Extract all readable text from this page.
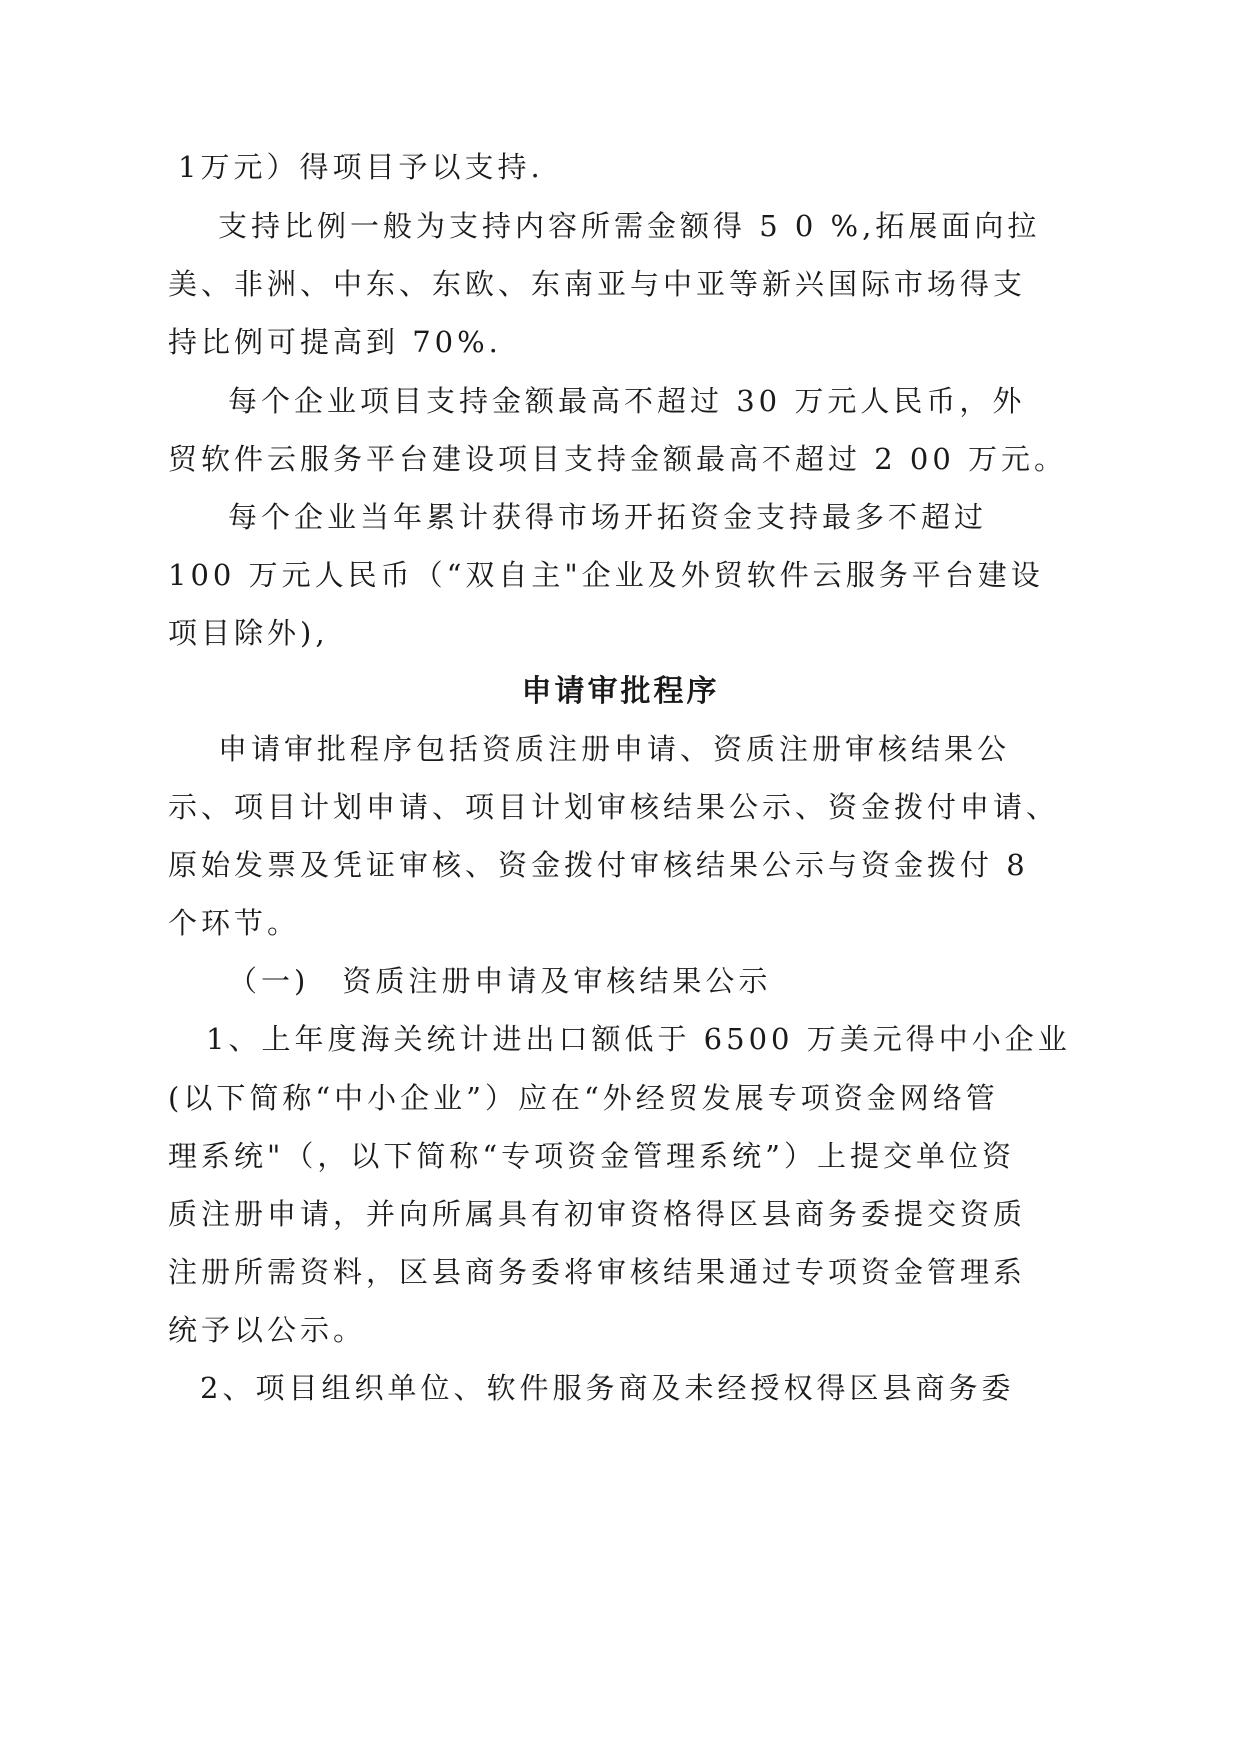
1万元）得项目予以支持.
支持比例一般为支持内容所需金额得 5 0 %,拓展面向拉
美、非洲、中东、东欧、东南亚与中亚等新兴国际市场得支
持比例可提高到 70%.
每个企业项目支持金额最高不超过 30 万元人民币，外
贸软件云服务平台建设项目支持金额最高不超过 2 00 万元。
每个企业当年累计获得市场开拓资金支持最多不超过
100 万元人民币（“双自主"企业及外贸软件云服务平台建设
项目除外),
申请审批程序
申请审批程序包括资质注册申请、资质注册审核结果公
示、项目计划申请、项目计划审核结果公示、资金拨付申请、
原始发票及凭证审核、资金拨付审核结果公示与资金拨付 8
个环节。
（一)　资质注册申请及审核结果公示
1、上年度海关统计进出口额低于 6500 万美元得中小企业
(以下简称“中小企业”）应在“外经贸发展专项资金网络管
理系统"（，以下简称“专项资金管理系统”）上提交单位资
质注册申请，并向所属具有初审资格得区县商务委提交资质
注册所需资料，区县商务委将审核结果通过专项资金管理系
统予以公示。
2、项目组织单位、软件服务商及未经授权得区县商务委
